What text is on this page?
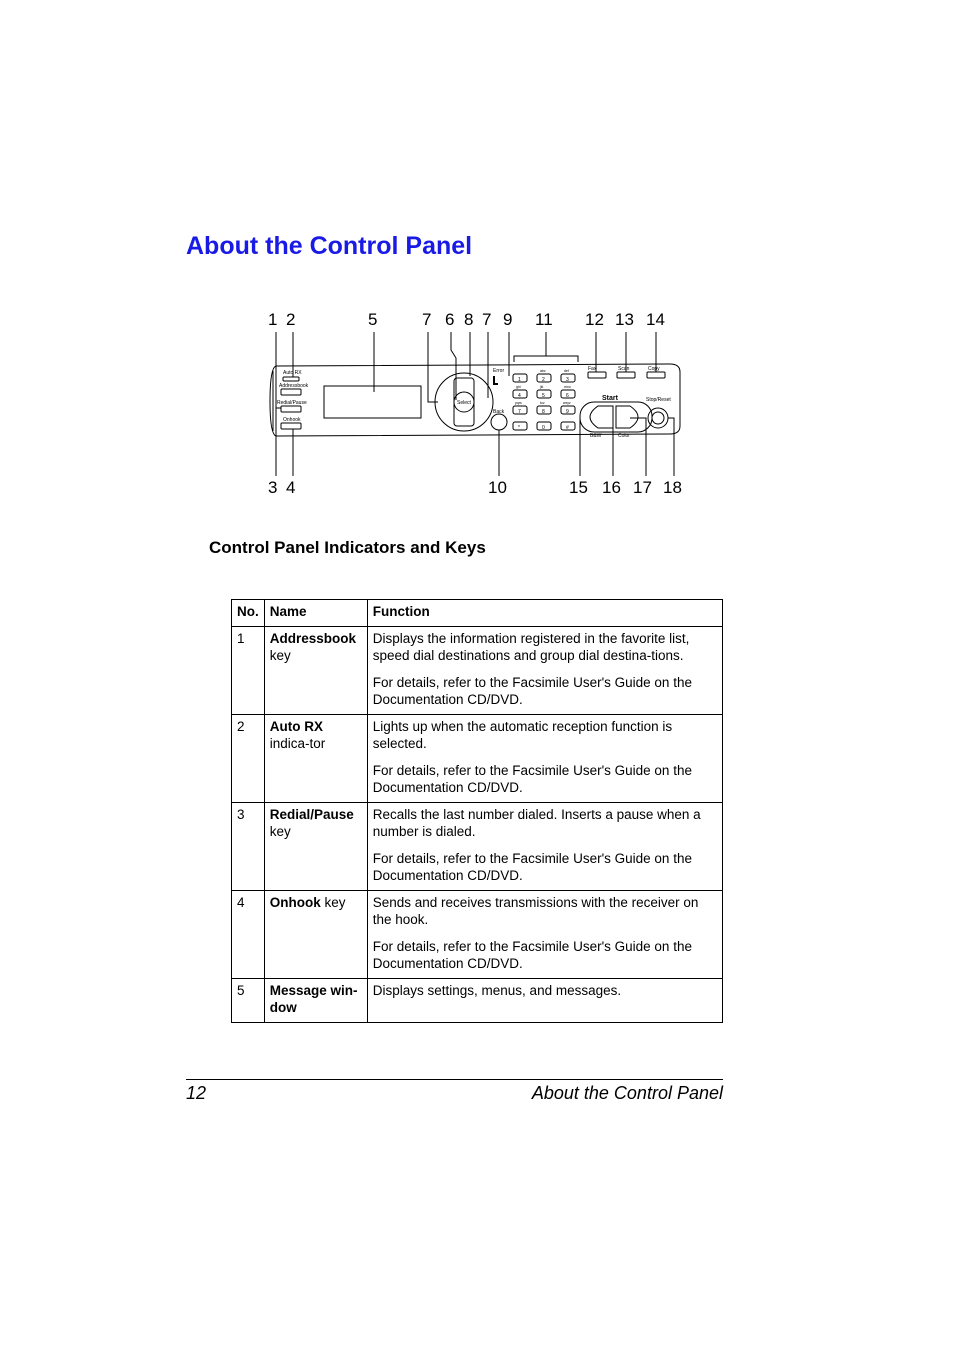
About the Control Panel
1 2	5	7 6 8 7 9 11 12 13 14
3 4	10	15 16 17 18
Auto RX
Addressbook
Redial/Pause
Onhook
Select
Back
Error	Fax	Scan	Copy
Start	Stop/Reset
B&W	Color
1	2	3
4	5	6
7	8	9
*	0	#
abc	def
ghi	jkl	mno
pqrs	tuv	wxyz
Control Panel Indicators and Keys
No.	Name	Function
1	Addressbook key	Displays the information registered in the favorite list, speed dial destinations and group dial destina-tions.

For details, refer to the Facsimile User's Guide on the Documentation CD/DVD.

2	Auto RX indica-tor	Lights up when the automatic reception function is selected.

For details, refer to the Facsimile User's Guide on the Documentation CD/DVD.

3	Redial/Pause key	Recalls the last number dialed. Inserts a pause when a number is dialed.

For details, refer to the Facsimile User's Guide on the Documentation CD/DVD.

4	Onhook key	Sends and receives transmissions with the receiver on the hook.

For details, refer to the Facsimile User's Guide on the Documentation CD/DVD.

5	Message win-dow	Displays settings, menus, and messages.

12	About the Control Panel
